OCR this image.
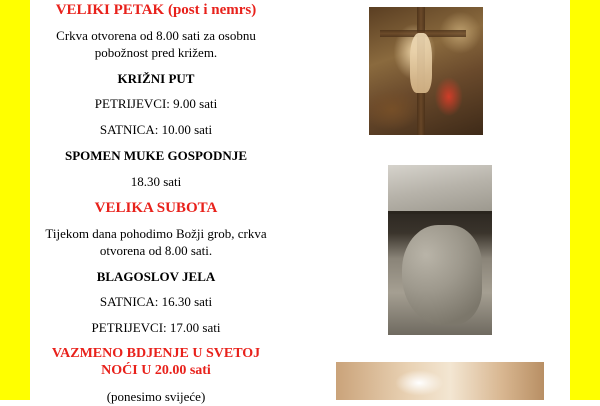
VELIKI PETAK (post i nemrs)
Crkva otvorena od 8.00 sati za osobnu
pobožnost pred križem.
KRIŽNI PUT
PETRIJEVCI: 9.00 sati
SATNICA: 10.00 sati
SPOMEN MUKE GOSPODNJE
18.30 sati
VELIKA SUBOTA
Tijekom dana pohodimo Božji grob, crkva
otvorena od 8.00 sati.
BLAGOSLOV JELA
SATNICA: 16.30 sati
PETRIJEVCI: 17.00 sati
VAZMENO BDJENJE U SVETOJ
NOĆI U 20.00 sati
(ponesimo svijeće)
